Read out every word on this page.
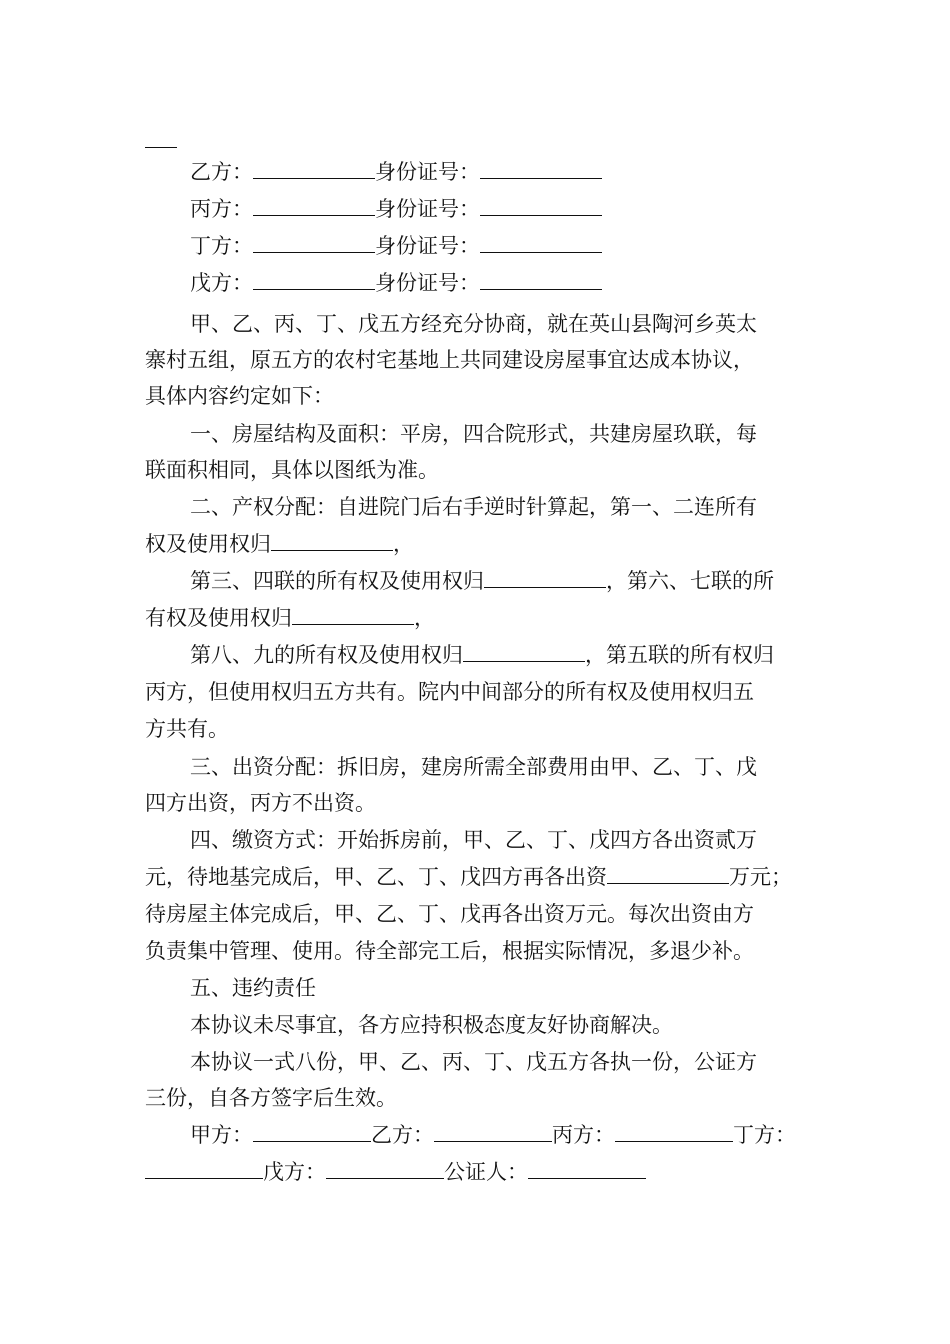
乙方：	身份证号：
丙方：	身份证号：
丁方：	身份证号：
戊方：	身份证号：
甲、乙、丙、丁、戊五方经充分协商，就在英山县陶河乡英太
寨村五组，原五方的农村宅基地上共同建设房屋事宜达成本协议，
具体内容约定如下：
一、房屋结构及面积：平房，四合院形式，共建房屋玖联，每
联面积相同，具体以图纸为准。
二、产权分配：自进院门后右手逆时针算起，第一、二连所有
权及使用权归	，
第三、四联的所有权及使用权归	，第六、七联的所
有权及使用权归	，
第八、九的所有权及使用权归	，第五联的所有权归
丙方，但使用权归五方共有。院内中间部分的所有权及使用权归五
方共有。
三、出资分配：拆旧房，建房所需全部费用由甲、乙、丁、戊
四方出资，丙方不出资。
四、缴资方式：开始拆房前，甲、乙、丁、戊四方各出资贰万
元，待地基完成后，甲、乙、丁、戊四方再各出资	万元；
待房屋主体完成后，甲、乙、丁、戊再各出资万元。每次出资由方
负责集中管理、使用。待全部完工后，根据实际情况，多退少补。
五、违约责任
本协议未尽事宜，各方应持积极态度友好协商解决。
本协议一式八份，甲、乙、丙、丁、戊五方各执一份，公证方
三份，自各方签字后生效。
甲方：	乙方：	丙方：	丁方：
戊方：	公证人：
